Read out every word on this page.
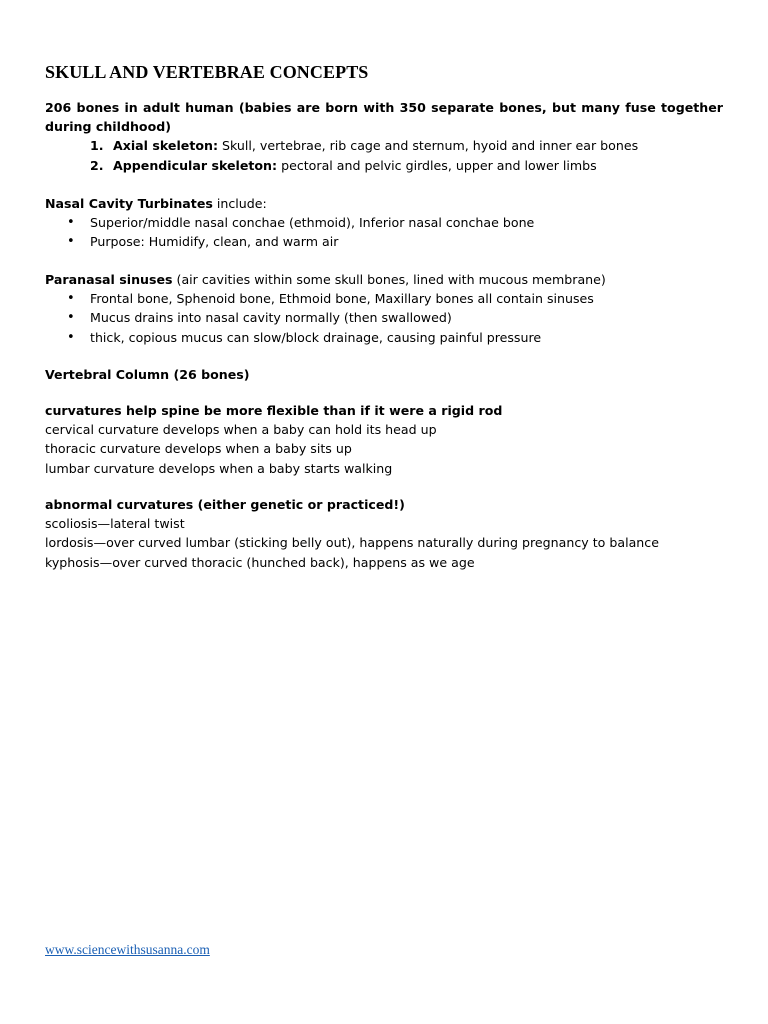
SKULL AND VERTEBRAE CONCEPTS
206 bones in adult human (babies are born with 350 separate bones, but many fuse together during childhood)
1. Axial skeleton: Skull, vertebrae, rib cage and sternum, hyoid and inner ear bones
2. Appendicular skeleton: pectoral and pelvic girdles, upper and lower limbs
Nasal Cavity Turbinates include:
• Superior/middle nasal conchae (ethmoid), Inferior nasal conchae bone
• Purpose: Humidify, clean, and warm air
Paranasal sinuses (air cavities within some skull bones, lined with mucous membrane)
• Frontal bone, Sphenoid bone, Ethmoid bone, Maxillary bones all contain sinuses
• Mucus drains into nasal cavity normally (then swallowed)
• thick, copious mucus can slow/block drainage, causing painful pressure
Vertebral Column (26 bones)
curvatures help spine be more flexible than if it were a rigid rod
cervical curvature develops when a baby can hold its head up
thoracic curvature develops when a baby sits up
lumbar curvature develops when a baby starts walking
abnormal curvatures (either genetic or practiced!)
scoliosis—lateral twist
lordosis—over curved lumbar (sticking belly out), happens naturally during pregnancy to balance
kyphosis—over curved thoracic (hunched back), happens as we age
www.sciencewithsusanna.com
